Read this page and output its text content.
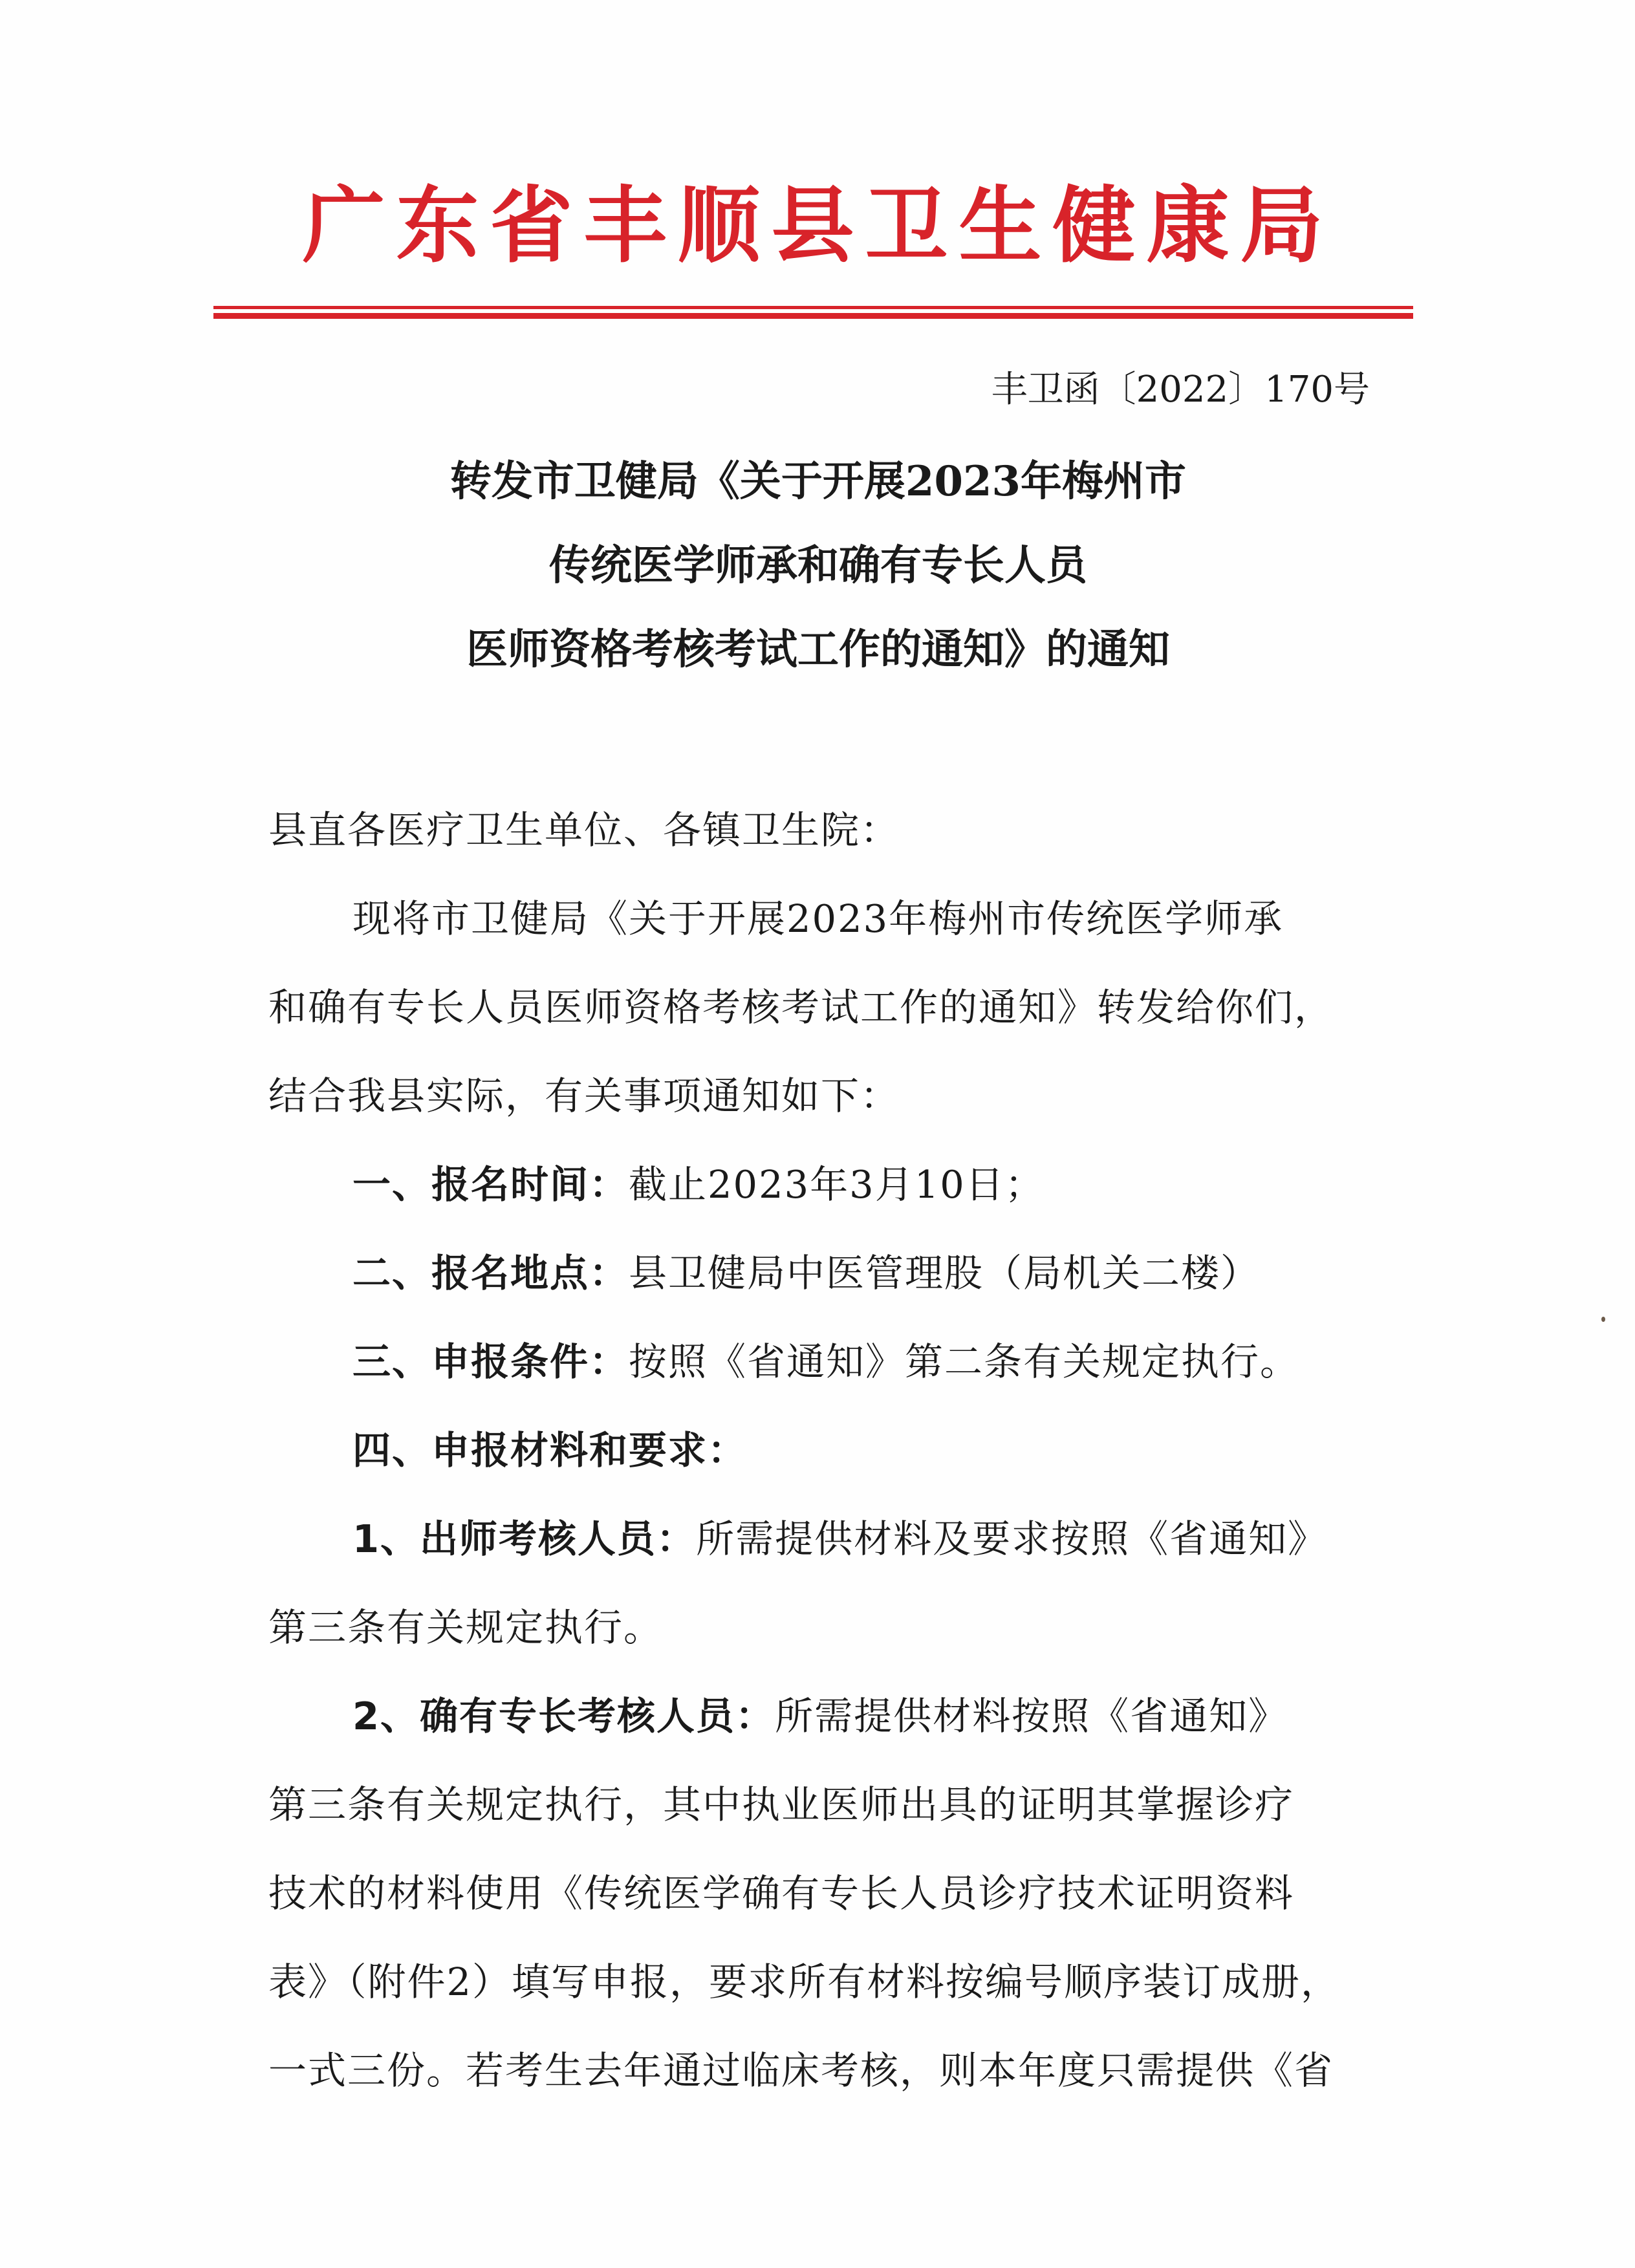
广东省丰顺县卫生健康局
丰卫函〔2022〕170号
转发市卫健局《关于开展2023年梅州市
传统医学师承和确有专长人员
医师资格考核考试工作的通知》的通知

县直各医疗卫生单位、各镇卫生院：

现将市卫健局《关于开展2023年梅州市传统医学师承

和确有专长人员医师资格考核考试工作的通知》转发给你们，

结合我县实际，有关事项通知如下：

一、报名时间：截止2023年3月10日；

二、报名地点：县卫健局中医管理股（局机关二楼）

三、申报条件：按照《省通知》第二条有关规定执行。

四、申报材料和要求：

1、出师考核人员：所需提供材料及要求按照《省通知》

第三条有关规定执行。

2、确有专长考核人员：所需提供材料按照《省通知》

第三条有关规定执行，其中执业医师出具的证明其掌握诊疗

技术的材料使用《传统医学确有专长人员诊疗技术证明资料

表》（附件2）填写申报，要求所有材料按编号顺序装订成册，

一式三份。若考生去年通过临床考核，则本年度只需提供《省
